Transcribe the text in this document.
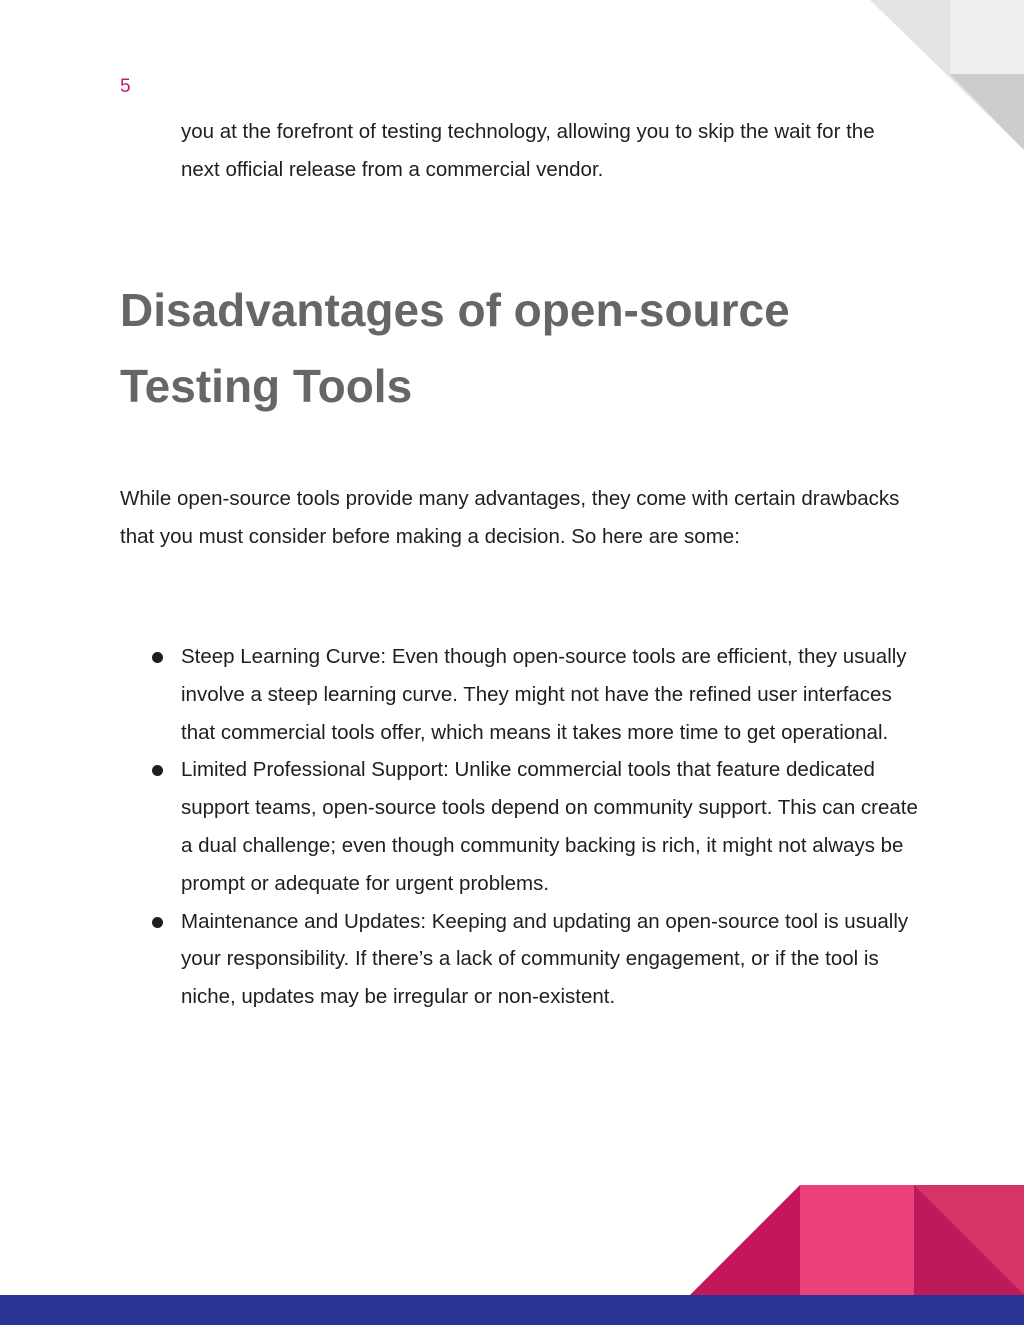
5

you at the forefront of testing technology, allowing you to skip the wait for the next official release from a commercial vendor.

Disadvantages of open-source
Testing Tools

While open-source tools provide many advantages, they come with certain drawbacks that you must consider before making a decision. So here are some:

Steep Learning Curve: Even though open-source tools are efficient, they usually involve a steep learning curve. They might not have the refined user interfaces that commercial tools offer, which means it takes more time to get operational.
Limited Professional Support: Unlike commercial tools that feature dedicated support teams, open-source tools depend on community support. This can create a dual challenge; even though community backing is rich, it might not always be prompt or adequate for urgent problems.
Maintenance and Updates: Keeping and updating an open-source tool is usually your responsibility. If there’s a lack of community engagement, or if the tool is niche, updates may be irregular or non-existent.
